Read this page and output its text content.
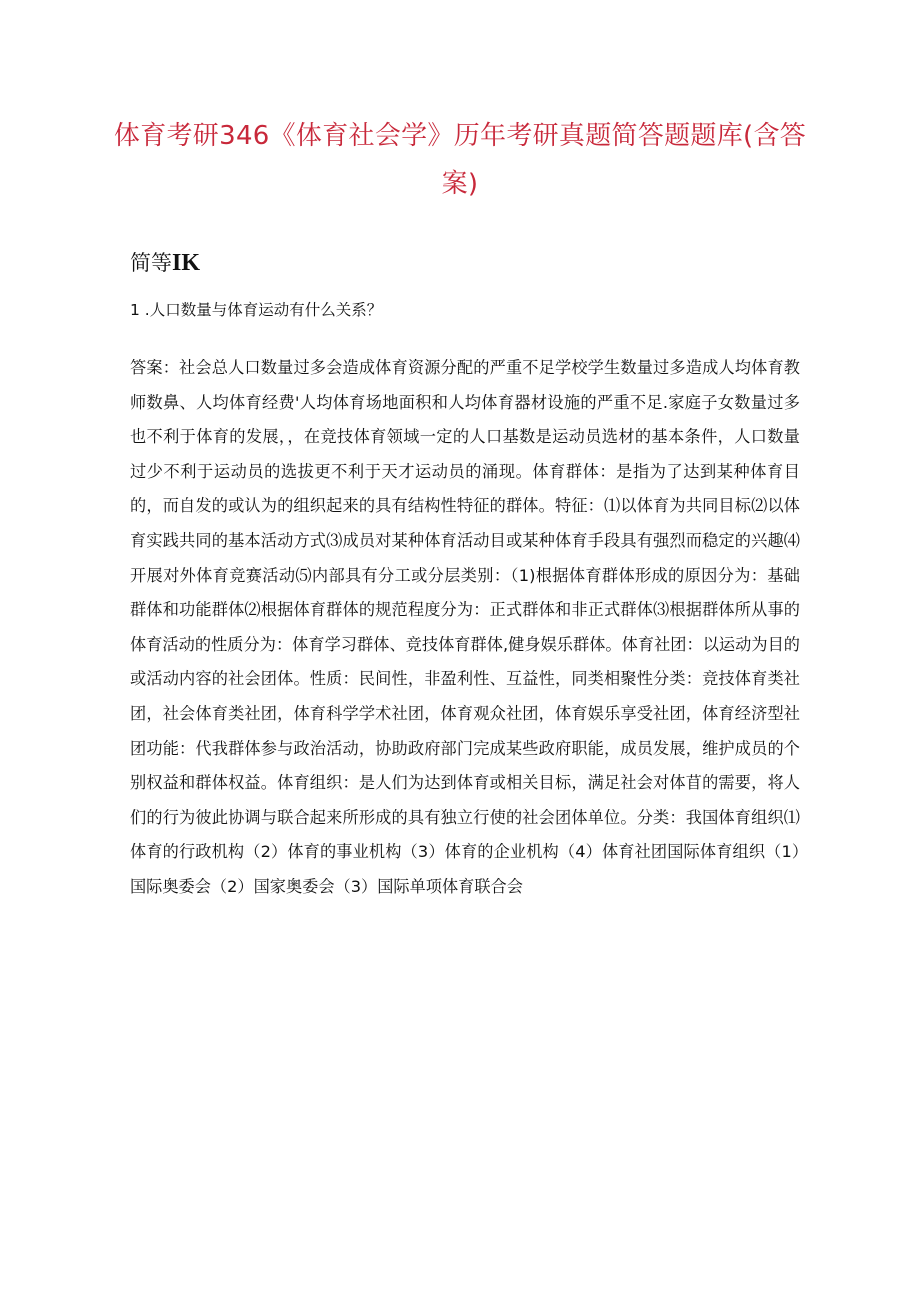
体育考研346《体育社会学》历年考研真题简答题题库(含答案)
简等IK

1 .人口数量与体育运动有什么关系？

答案：社会总人口数量过多会造成体育资源分配的严重不足学校学生数量过多造成人均体育教师数鼻、人均体育经费'人均体育场地面积和人均体育器材设施的严重不足.家庭子女数量过多也不利于体育的发展，，在竞技体育领域一定的人口基数是运动员选材的基本条件，人口数量过少不利于运动员的选拔更不利于天才运动员的涌现。体育群体：是指为了达到某种体育目的，而自发的或认为的组织起来的具有结构性特征的群体。特征：⑴以体育为共同目标⑵以体育实践共同的基本活动方式⑶成员对某种体育活动目或某种体育手段具有强烈而稳定的兴趣⑷开展对外体育竞赛活动⑸内部具有分工或分层类别：（1)根据体育群体形成的原因分为：基础群体和功能群体⑵根据体育群体的规范程度分为：正式群体和非正式群体⑶根据群体所从事的体育活动的性质分为：体育学习群体、竞技体育群体,健身娱乐群体。体育社团：以运动为目的或活动内容的社会团体。性质：民间性，非盈利性、互益性，同类相聚性分类：竞技体育类社团，社会体育类社团，体育科学学术社团，体育观众社团，体育娱乐享受社团，体育经济型社团功能：代我群体参与政治活动，协助政府部门完成某些政府职能，成员发展，维护成员的个别权益和群体权益。体育组织：是人们为达到体育或相关目标，满足社会对体苜的需要，将人们的行为彼此协调与联合起来所形成的具有独立行使的社会团体单位。分类：我国体育组织⑴体育的行政机构（2）体育的事业机构（3）体育的企业机构（4）体育社团国际体育组织（1）国际奥委会（2）国家奥委会（3）国际单项体育联合会
